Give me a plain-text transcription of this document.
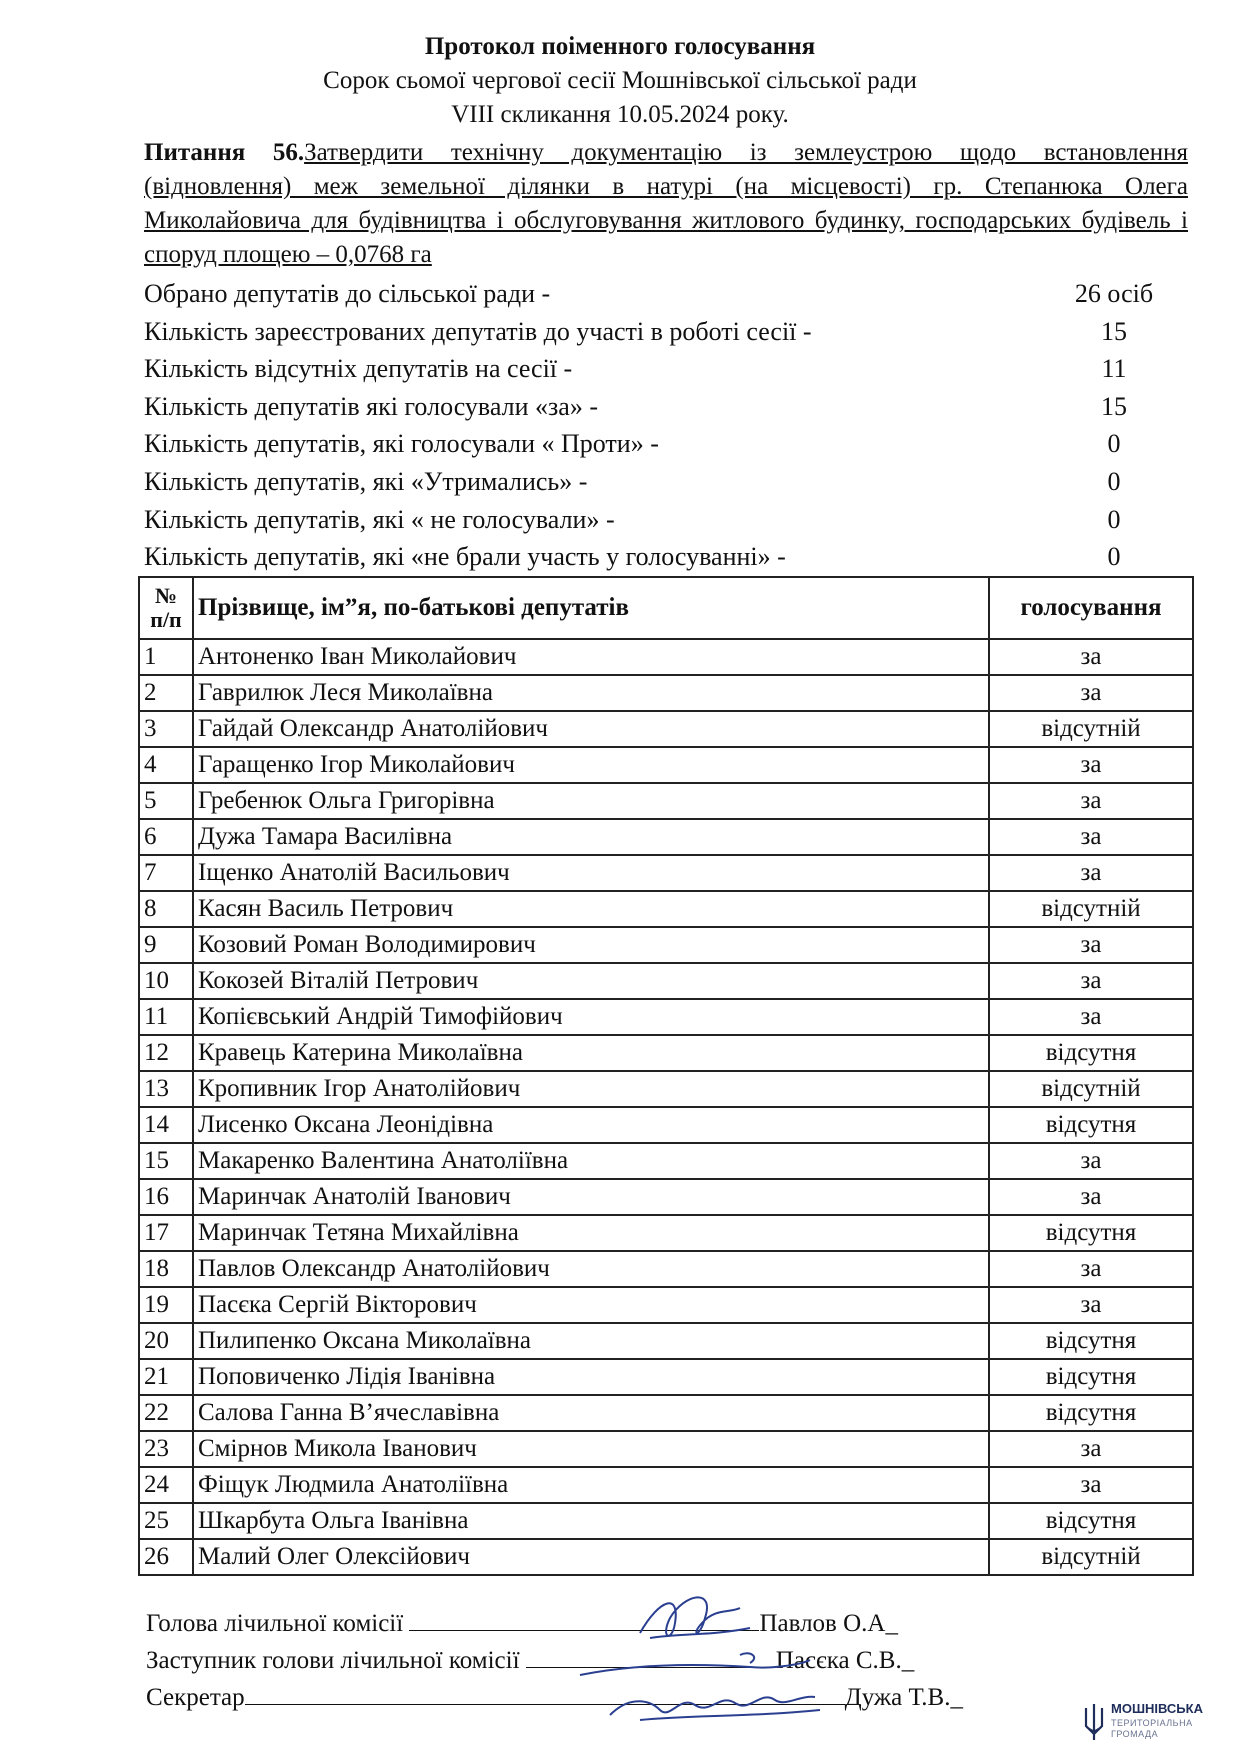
Протокол поіменного голосування
Сорок сьомої чергової сесії Мошнівської сільської ради
VIII скликання 10.05.2024 року.
Питання 56.Затвердити технічну документацію із землеустрою щодо встановлення (відновлення) меж земельної ділянки в натурі (на місцевості) гр. Степанюка Олега Миколайовича для будівництва і обслуговування житлового будинку, господарських будівель і споруд площею – 0,0768 га
Обрано депутатів до сільської ради -	26 осіб
Кількість зареєстрованих депутатів до участі в роботі сесії -	15
Кількість відсутніх депутатів на сесії -	11
Кількість депутатів які голосували «за» -	15
Кількість депутатів, які голосували « Проти» -	0
Кількість депутатів, які «Утримались» -	0
Кількість депутатів, які « не голосували» -	0
Кількість депутатів, які «не брали участь у голосуванні» -	0
№ п/п	Прізвище, ім”я, по-батькові депутатів	голосування
1	Антоненко Іван Миколайович	за
2	Гаврилюк Леся Миколаївна	за
3	Гайдай Олександр Анатолійович	відсутній
4	Гаращенко Ігор Миколайович	за
5	Гребенюк Ольга Григорівна	за
6	Дужа Тамара Василівна	за
7	Іщенко Анатолій Васильович	за
8	Касян Василь Петрович	відсутній
9	Козовий Роман Володимирович	за
10	Кокозей Віталій Петрович	за
11	Копієвський Андрій Тимофійович	за
12	Кравець Катерина Миколаївна	відсутня
13	Кропивник Ігор Анатолійович	відсутній
14	Лисенко Оксана Леонідівна	відсутня
15	Макаренко Валентина Анатоліївна	за
16	Маринчак Анатолій Іванович	за
17	Маринчак Тетяна Михайлівна	відсутня
18	Павлов Олександр Анатолійович	за
19	Пасєка Сергій Вікторович	за
20	Пилипенко Оксана Миколаївна	відсутня
21	Поповиченко Лідія Іванівна	відсутня
22	Салова Ганна В’ячеславівна	відсутня
23	Смірнов Микола Іванович	за
24	Фіщук Людмила Анатоліївна	за
25	Шкарбута Ольга Іванівна	відсутня
26	Малий Олег Олексійович	відсутній
Голова лічильної комісії	Павлов О.А_
Заступник голови лічильної комісії	Пасєка С.В._
Секретар	Дужа Т.В._	МОШНІВСЬКА
ТЕРИТОРІАЛЬНА
ГРОМАДА
